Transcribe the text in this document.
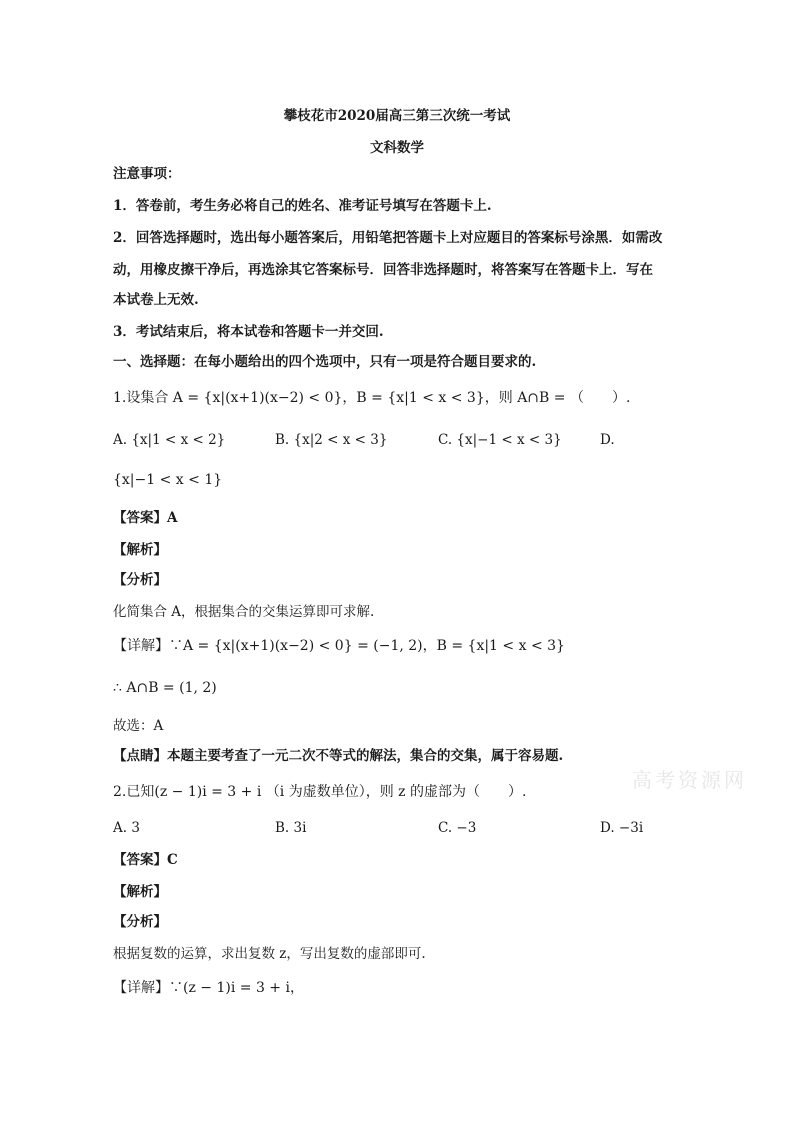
攀枝花市2020届高三第三次统一考试
文科数学
注意事项：
1．答卷前，考生务必将自己的姓名、准考证号填写在答题卡上.
2．回答选择题时，选出每小题答案后，用铅笔把答题卡上对应题目的答案标号涂黑．如需改
动，用橡皮擦干净后，再选涂其它答案标号．回答非选择题时，将答案写在答题卡上．写在
本试卷上无效.
3．考试结束后，将本试卷和答题卡一并交回.
一、选择题：在每小题给出的四个选项中，只有一项是符合题目要求的.
1.设集合 A = {x|(x+1)(x−2) < 0}，B = {x|1 < x < 3}，则 A∩B = （　　）.
A. {x|1 < x < 2}	B. {x|2 < x < 3}	C. {x|−1 < x < 3}	D.
{x|−1 < x < 1}
【答案】A
【解析】
【分析】
化简集合 A，根据集合的交集运算即可求解.
【详解】∵A = {x|(x+1)(x−2) < 0} = (−1, 2)，B = {x|1 < x < 3}
∴ A∩B = (1, 2)
故选：A
【点睛】本题主要考查了一元二次不等式的解法，集合的交集，属于容易题.
高考资源网
2.已知(z − 1)i = 3 + i （i 为虚数单位），则 z 的虚部为（　　）.
A. 3	B. 3i	C. −3	D. −3i
【答案】C
【解析】
【分析】
根据复数的运算，求出复数 z，写出复数的虚部即可.
【详解】∵(z − 1)i = 3 + i，
